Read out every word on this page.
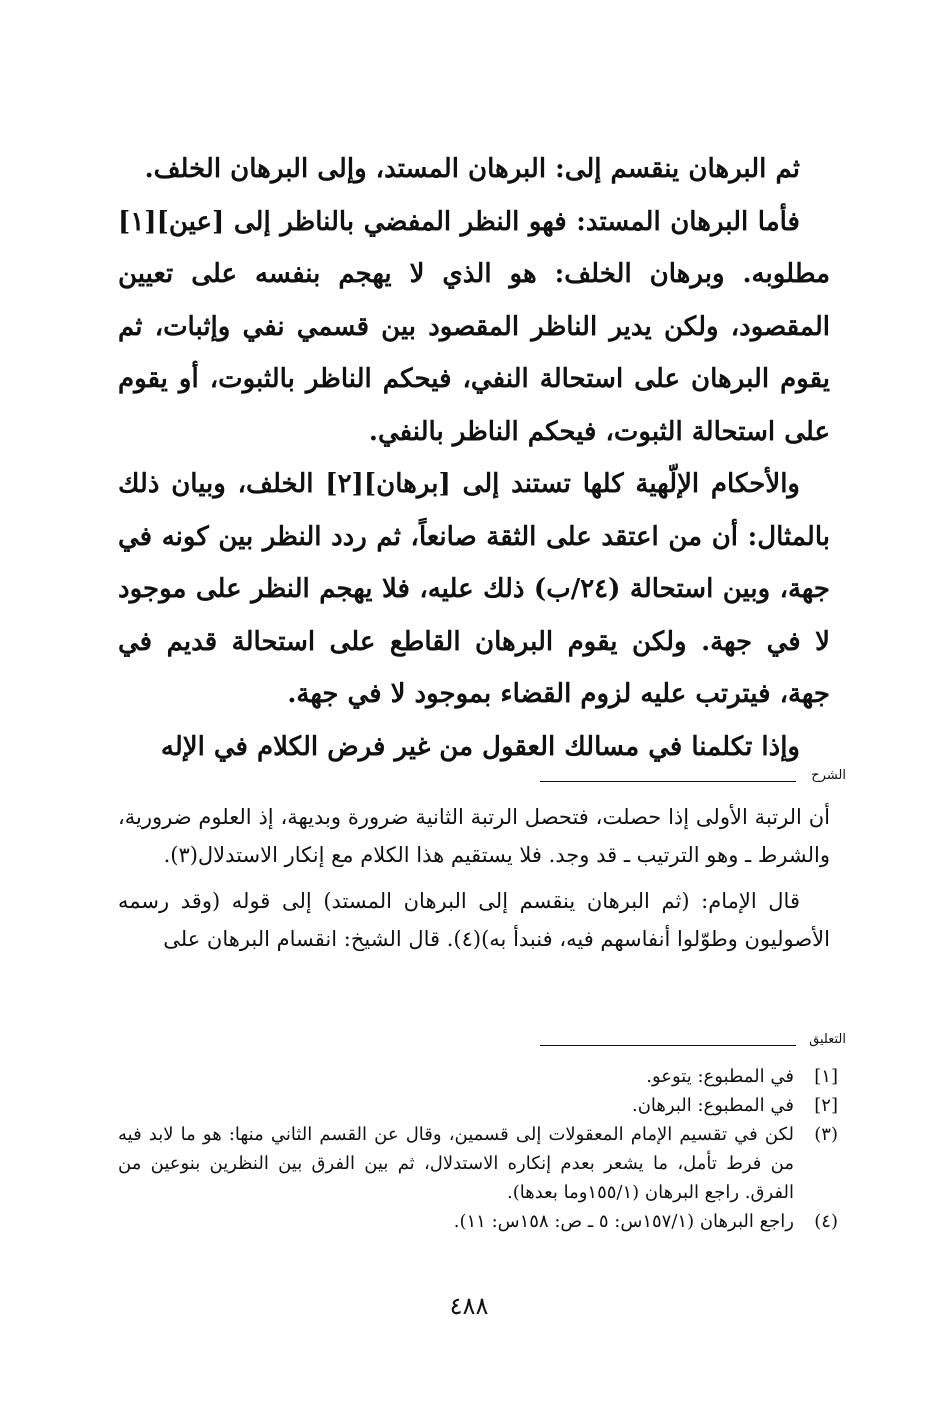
ثم البرهان ينقسم إلى: البرهان المستد، وإلى البرهان الخلف.

فأما البرهان المستد: فهو النظر المفضي بالناظر إلى [عين][١] مطلوبه. وبرهان الخلف: هو الذي لا يهجم بنفسه على تعيين المقصود، ولكن يدير الناظر المقصود بين قسمي نفي وإثبات، ثم يقوم البرهان على استحالة النفي، فيحكم الناظر بالثبوت، أو يقوم على استحالة الثبوت، فيحكم الناظر بالنفي.

والأحكام الإلّهية كلها تستند إلى [برهان][٢] الخلف، وبيان ذلك بالمثال: أن من اعتقد على الثقة صانعاً، ثم ردد النظر بين كونه في جهة، وبين استحالة (٢٤/ب) ذلك عليه، فلا يهجم النظر على موجود لا في جهة. ولكن يقوم البرهان القاطع على استحالة قديم في جهة، فيترتب عليه لزوم القضاء بموجود لا في جهة.

وإذا تكلمنا في مسالك العقول من غير فرض الكلام في الإله

الشرح

أن الرتبة الأولى إذا حصلت، فتحصل الرتبة الثانية ضرورة وبديهة، إذ العلوم ضرورية، والشرط ـ وهو الترتيب ـ قد وجد. فلا يستقيم هذا الكلام مع إنكار الاستدلال(٣).

قال الإمام: (ثم البرهان ينقسم إلى البرهان المستد) إلى قوله (وقد رسمه الأصوليون وطوّلوا أنفاسهم فيه، فنبدأ به)(٤). قال الشيخ: انقسام البرهان على

التعليق
[١]
في المطبوع: يتوعو.
[٢]
في المطبوع: البرهان.
(٣)
لكن في تقسيم الإمام المعقولات إلى قسمين، وقال عن القسم الثاني منها: هو ما لابد فيه من فرط تأمل، ما يشعر بعدم إنكاره الاستدلال، ثم بين الفرق بين النظرين بنوعين من الفرق. راجع البرهان (١٥٥/١وما بعدها).
(٤)
راجع البرهان (١٥٧/١س: ٥ ـ ص: ١٥٨س: ١١).
٤٨٨
